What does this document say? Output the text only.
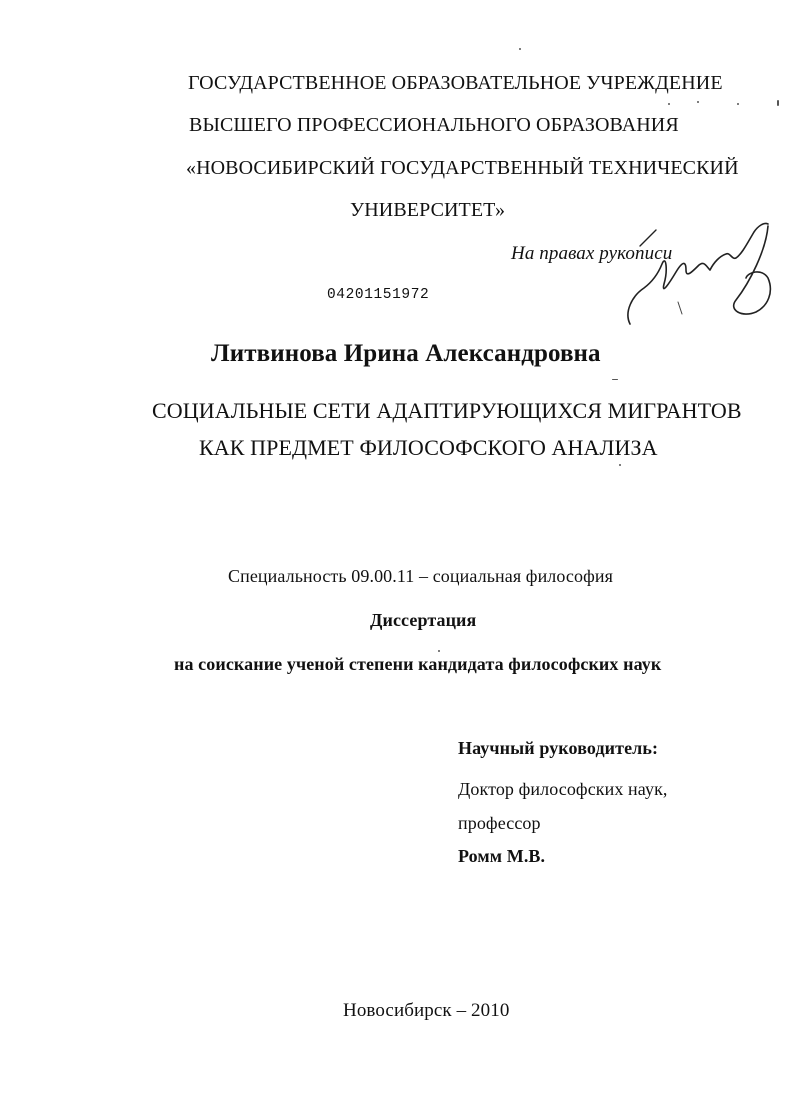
ГОСУДАРСТВЕННОЕ ОБРАЗОВАТЕЛЬНОЕ УЧРЕЖДЕНИЕ
ВЫСШЕГО ПРОФЕССИОНАЛЬНОГО ОБРАЗОВАНИЯ
«НОВОСИБИРСКИЙ ГОСУДАРСТВЕННЫЙ ТЕХНИЧЕСКИЙ
УНИВЕРСИТЕТ»
На правах рукописи
04201151972
Литвинова Ирина Александровна
СОЦИАЛЬНЫЕ СЕТИ АДАПТИРУЮЩИХСЯ МИГРАНТОВ
КАК ПРЕДМЕТ ФИЛОСОФСКОГО АНАЛИЗА
Специальность 09.00.11 – социальная философия
Диссертация
на соискание ученой степени кандидата философских наук
Научный руководитель:
Доктор философских наук,
профессор
Ромм М.В.
Новосибирск – 2010
